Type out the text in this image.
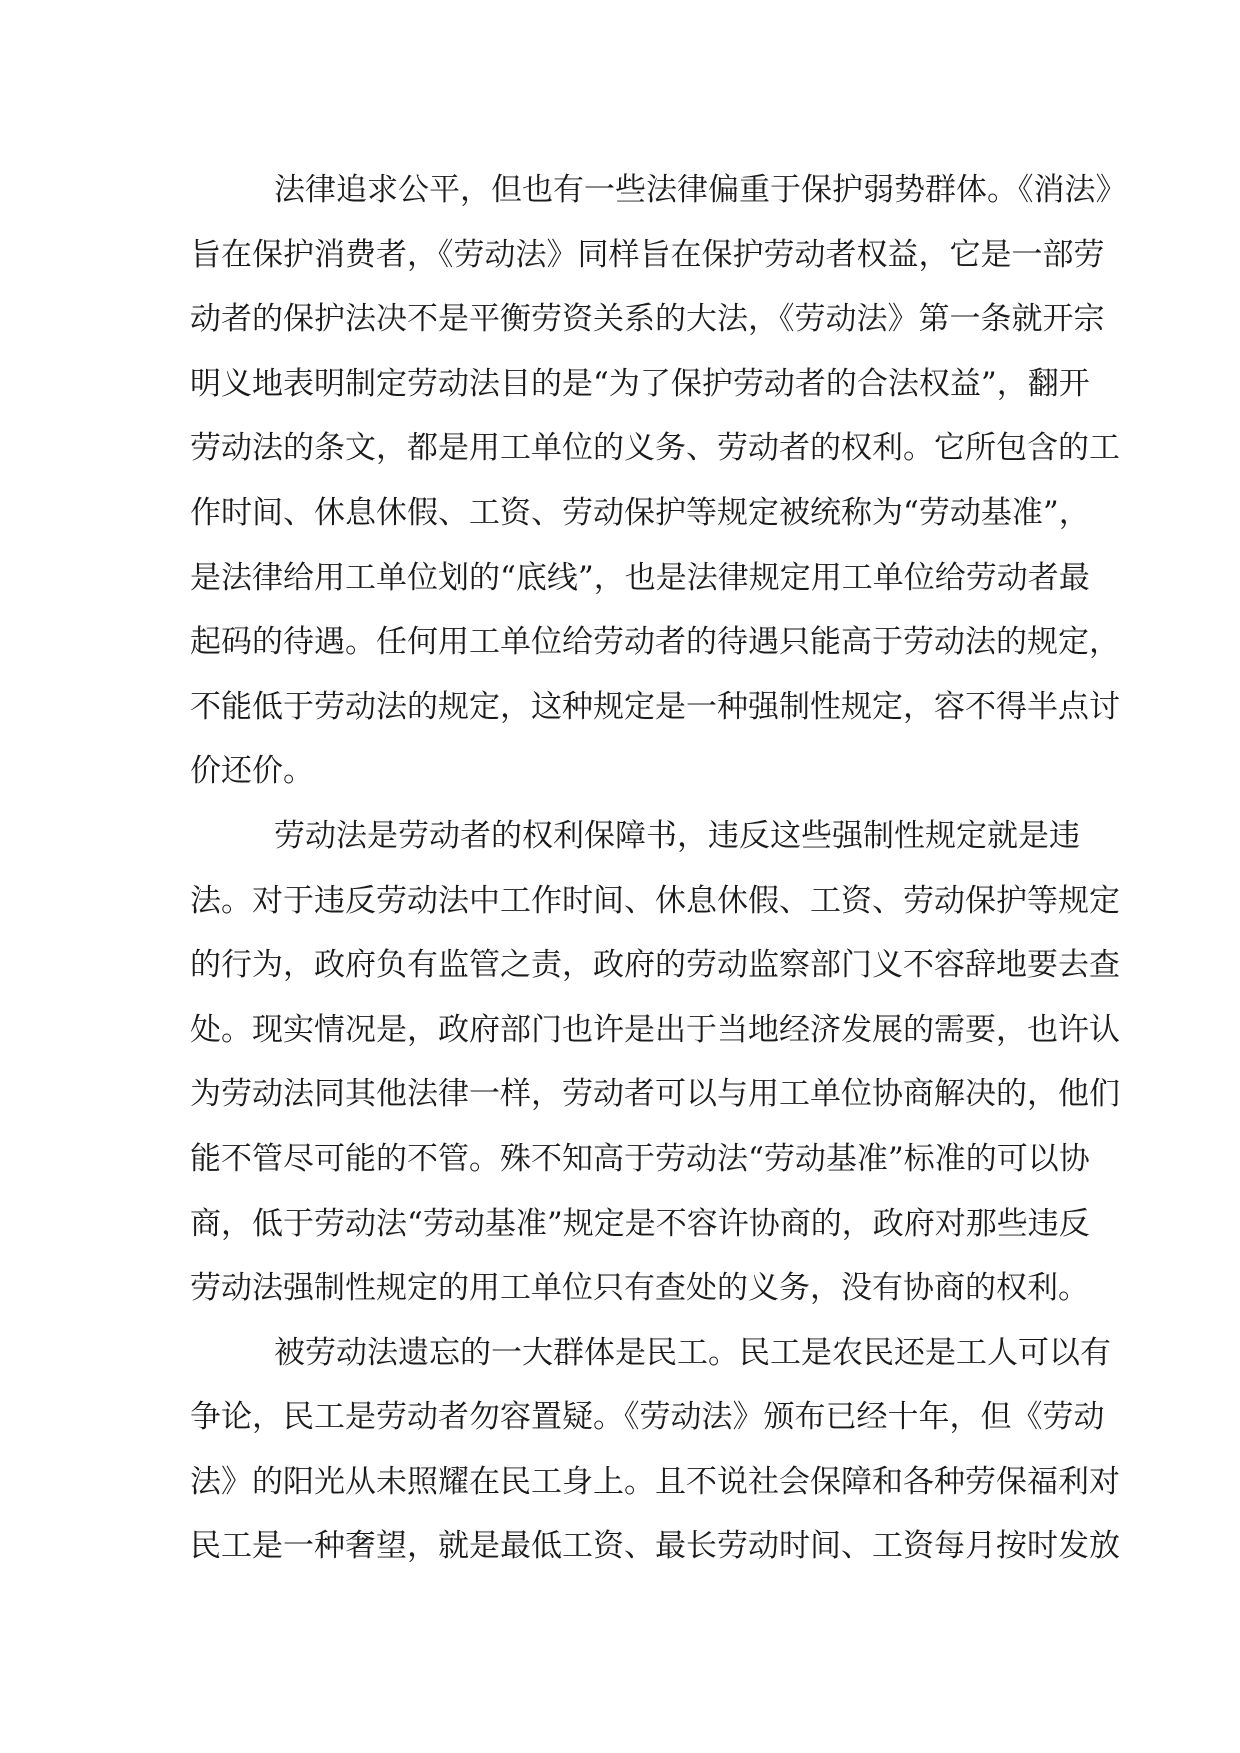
法律追求公平，但也有一些法律偏重于保护弱势群体。《消法》
旨在保护消费者，《劳动法》同样旨在保护劳动者权益，它是一部劳
动者的保护法决不是平衡劳资关系的大法，《劳动法》第一条就开宗
明义地表明制定劳动法目的是“为了保护劳动者的合法权益”，翻开
劳动法的条文，都是用工单位的义务、劳动者的权利。它所包含的工
作时间、休息休假、工资、劳动保护等规定被统称为“劳动基准”，
是法律给用工单位划的“底线”，也是法律规定用工单位给劳动者最
起码的待遇。任何用工单位给劳动者的待遇只能高于劳动法的规定，
不能低于劳动法的规定，这种规定是一种强制性规定，容不得半点讨
价还价。
劳动法是劳动者的权利保障书，违反这些强制性规定就是违
法。对于违反劳动法中工作时间、休息休假、工资、劳动保护等规定
的行为，政府负有监管之责，政府的劳动监察部门义不容辞地要去查
处。现实情况是，政府部门也许是出于当地经济发展的需要，也许认
为劳动法同其他法律一样，劳动者可以与用工单位协商解决的，他们
能不管尽可能的不管。殊不知高于劳动法“劳动基准”标准的可以协
商，低于劳动法“劳动基准”规定是不容许协商的，政府对那些违反
劳动法强制性规定的用工单位只有查处的义务，没有协商的权利。
被劳动法遗忘的一大群体是民工。民工是农民还是工人可以有
争论，民工是劳动者勿容置疑。《劳动法》颁布已经十年，但《劳动
法》的阳光从未照耀在民工身上。且不说社会保障和各种劳保福利对
民工是一种奢望，就是最低工资、最长劳动时间、工资每月按时发放
